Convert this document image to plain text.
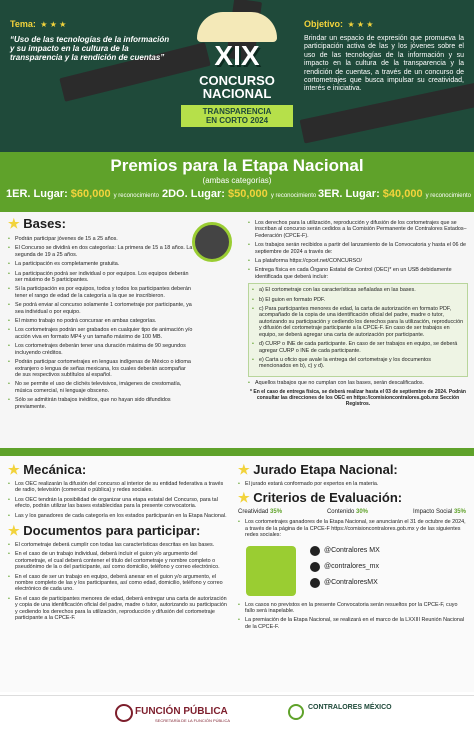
Tema: ★ ★ ★
“Uso de las tecnologías de la información y su impacto en la cultura de la transparencia y la rendición de cuentas”	XIX
CONCURSO
NACIONAL
TRANSPARENCIA
EN CORTO 2024
Objetivo: ★ ★ ★
Brindar un espacio de expresión que promueva la participación activa de las y los jóvenes sobre el uso de las tecnologías de la información y su impacto en la cultura de la transparencia y la rendición de cuentas, a través de un concurso de cortometrajes que busca impulsar su creatividad, interés e iniciativa.
Premios para la Etapa Nacional
(ambas categorías)
1ER. Lugar: $60,000 y reconocimiento 2DO. Lugar: $50,000 y reconocimiento 3ER. Lugar: $40,000 y reconocimiento
★ Bases:
• Podrán participar jóvenes de 15 a 25 años.
• El Concurso se dividirá en dos categorías: La primera de 15 a 18 años. La segunda de 19 a 25 años.
• La participación es completamente gratuita.
• La participación podrá ser individual o por equipos. Los equipos deberán ser máximo de 5 participantes.
• Si la participación es por equipos, todos y todos los participantes deberán tener el rango de edad de la categoría a la que se inscribieron.
• Se podrá enviar al concurso solamente 1 cortometraje por participante, ya sea individual o por equipo.
• El mismo trabajo no podrá concursar en ambas categorías.
• Los cortometrajes podrán ser grabados en cualquier tipo de animación y/o acción viva en formato MP4 y un tamaño máximo de 100 MB.
• Los cortometrajes deberán tener una duración máxima de 90 segundos incluyendo créditos.
• Podrán participar cortometrajes en lenguas indígenas de México o idioma extranjero o lengua de señas mexicana, los cuales deberán acompañar de sus respectivos subtítulos al español.
• No se permite el uso de clichés televisivos, imágenes de crestomatía, música comercial, ni lenguaje obsceno.
• Sólo se admitirán trabajos inéditos, que no hayan sido difundidos previamente.
• Los derechos para la utilización, reproducción y difusión de los cortometrajes que se inscriban al concurso serán cedidos a la Comisión Permanente de Contralores Estados–Federación (CPCE-F).
• Los trabajos serán recibidos a partir del lanzamiento de la Convocatoria y hasta el 06 de septiembre de 2024 a través de:
• La plataforma https://cpcet.net/CONCURSO/
• Entrega física en cada Órgano Estatal de Control (OEC)* en un USB debidamente identificada que deberá incluir:
• a) El cortometraje con las características señaladas en las bases.
• b) El guion en formato PDF.
• c) Para participantes menores de edad, la carta de autorización en formato PDF, acompañado de la copia de una identificación oficial del padre, madre o tutor, autorizando su participación y cediendo los derechos para la utilización, reproducción y difusión del cortometraje participante a la CPCE-F. En caso de ser trabajos en equipo, se deberá agregar una carta de autorización por participante.
• d) CURP o INE de cada participante. En caso de ser trabajos en equipo, se deberá agregar CURP o INE de cada participante.
• e) Carta u oficio que avale la entrega del cortometraje y los documentos mencionados en b), c) y d).
• Aquellos trabajos que no cumplan con las bases, serán descalificados.
* En el caso de entrega física, se deberá realizar hasta el 03 de septiembre de 2024. Podrán consultar las direcciones de los OEC en https://comisioncontralores.gob.mx Sección Registros.
★ Mecánica:
• Los OEC realizarán la difusión del concurso al interior de su entidad federativa a través de radio, televisión (comercial o pública) y redes sociales.
• Los OEC tendrán la posibilidad de organizar una etapa estatal del Concurso, para tal efecto, podrán utilizar las bases establecidas para la presente convocatoria.
• Las y los ganadores de cada categoría en los estados participarán en la Etapa Nacional.
★ Documentos para participar:
• El cortometraje deberá cumplir con todas las características descritas en las bases.
• En el caso de un trabajo individual, deberá incluir el guion y/o argumento del cortometraje, el cual deberá contener el título del cortometraje y nombre completo o pseudónimo de la o del participante, así como domicilio, teléfono y correo electrónico.
• En el caso de ser un trabajo en equipo, deberá anexar en el guion y/o argumento, el nombre completo de las y los participantes, así como edad, domicilio, teléfono y correo electrónico de cada uno.
• En el caso de participantes menores de edad, deberá entregar una carta de autorización y copia de una identificación oficial del padre, madre o tutor, autorizando su participación y cediendo los derechos para la utilización, reproducción y difusión del cortometraje participante a la CPCE-F.
★ Jurado Etapa Nacional:
• El jurado estará conformado por expertos en la materia.
★ Criterios de Evaluación:
Creatividad 35%	Contenido 30%	Impacto Social 35%
• Los cortometrajes ganadores de la Etapa Nacional, se anunciarán el 31 de octubre de 2024, a través de la página de la CPCE-F https://comisioncontralores.gob.mx y de las siguientes redes sociales:
@Contralores MX
@contralores_mx
@ContraloresMX
• Los casos no previstos en la presente Convocatoria serán resueltos por la CPCE-F, cuyo fallo será inapelable.
• La premiación de la Etapa Nacional, se realizará en el marco de la LXXIII Reunión Nacional de la CPCE-F.
FUNCIÓN PÚBLICA
SECRETARÍA DE LA FUNCIÓN PÚBLICA
CONTRALORES MÉXICO
